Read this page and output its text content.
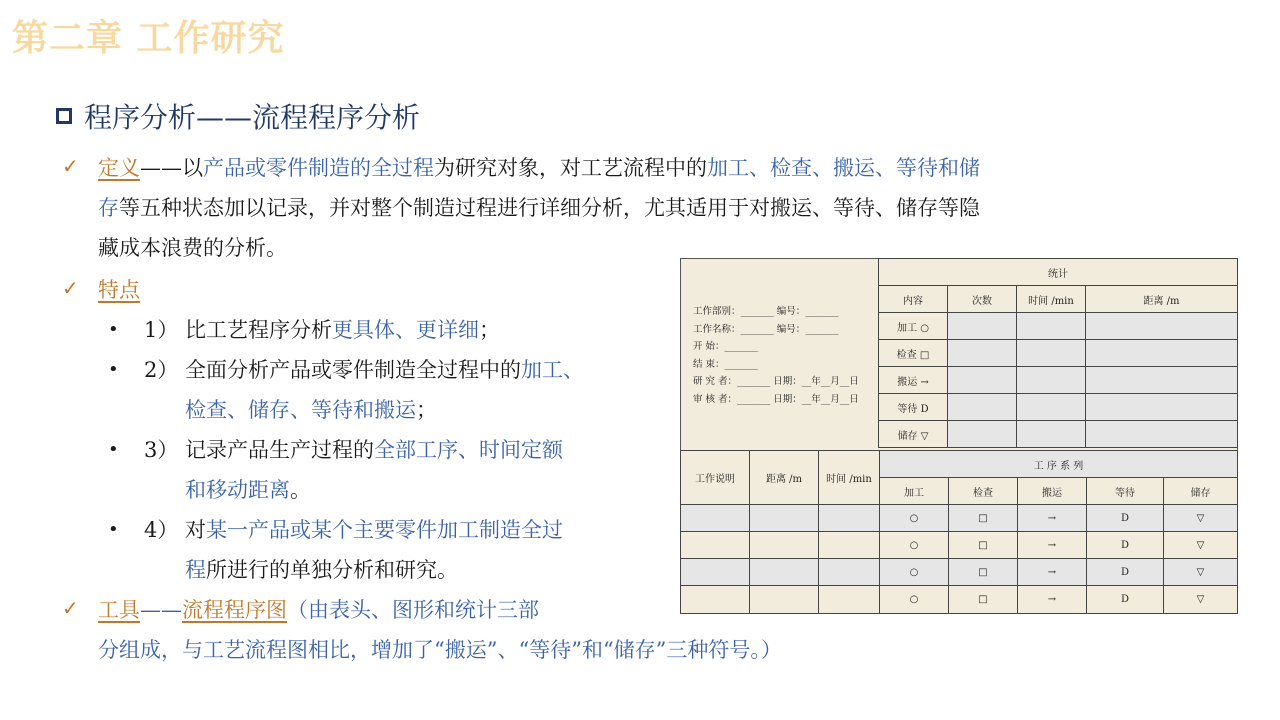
第二章 工作研究
程序分析——流程程序分析
✓ 定义——以产品或零件制造的全过程为研究对象，对工艺流程中的加工、检查、搬运、等待和储
存等五种状态加以记录，并对整个制造过程进行详细分析，尤其适用于对搬运、等待、储存等隐
藏成本浪费的分析。
✓ 特点
• 1） 比工艺程序分析更具体、更详细；
• 2） 全面分析产品或零件制造全过程中的加工、
检查、储存、等待和搬运；
• 3） 记录产品生产过程的全部工序、时间定额
和移动距离。
• 4） 对某一产品或某个主要零件加工制造全过
程所进行的单独分析和研究。
✓ 工具——流程程序图（由表头、图形和统计三部
分组成，与工艺流程图相比，增加了“搬运”、“等待”和“储存”三种符号。）
工作部别：_______ 编号：_______
工作名称：_______ 编号：_______
开 始：_______
结 束：_______
研 究 者：_______ 日期：__年__月__日
审 核 者：_______ 日期：__年__月__日
统计			
内容	次数	时间 /min	距离 /m
加工 ○			
检查 □			
搬运 →			
等待 D			
储存 ▽			
工作说明	距离 /m	时间 /min	工 序 系 列				
			加工	检查	搬运	等待	储存
			○	□	→	D	▽
			○	□	→	D	▽
			○	□	→	D	▽
			○	□	→	D	▽
